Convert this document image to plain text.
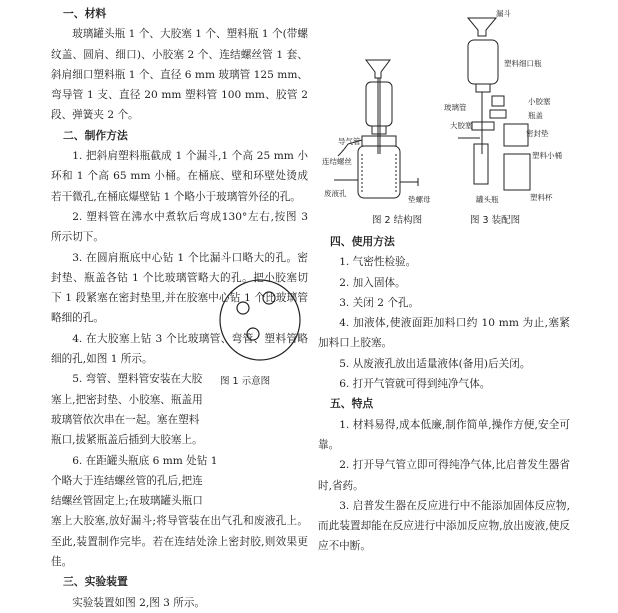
一、材料

玻璃罐头瓶 1 个、大胶塞 1 个、塑料瓶 1 个(带螺纹盖、圆肩、细口)、小胶塞 2 个、连结螺丝管 1 套、斜肩细口塑料瓶 1 个、直径 6 mm 玻璃管 125 mm、弯导管 1 支、直径 20 mm 塑料管 100 mm、胶管 2 段、弹簧夹 2 个。

二、制作方法

1. 把斜肩塑料瓶截成 1 个漏斗,1 个高 25 mm 小环和 1 个高 65 mm 小桶。在桶底、壁和环壁处烫成若干微孔,在桶底爆壁钻 1 个略小于玻璃管外径的孔。

2. 塑料管在沸水中煮软后弯成130°左右,按图 3 所示切下。

3. 在圆肩瓶底中心钻 1 个比漏斗口略大的孔。密封垫、瓶盖各钻 1 个比玻璃管略大的孔。把小胶塞切下 1 段紧塞在密封垫里,并在胶塞中心钻 1 个比玻璃管略细的孔。

4. 在大胶塞上钻 3 个比玻璃管、弯管、塑料管略细的孔,如图 1 所示。

5. 弯管、塑料管安装在大胶

塞上,把密封垫、小胶塞、瓶盖用

玻璃管依次串在一起。塞在塑料

瓶口,拔紧瓶盖后插到大胶塞上。

6. 在距罐头瓶底 6 mm 处钻 1

个略大于连结螺丝管的孔后,把连

结螺丝管固定上;在玻璃罐头瓶口

塞上大胶塞,放好漏斗;将导管装在出气孔和废液孔上。至此,装置制作完毕。若在连结处涂上密封胶,则效果更佳。

三、实验装置

实验装置如图 2,图 3 所示。

图 1 示意图
废液孔
垫螺母
导气管
连结螺丝
漏斗
塑料细口瓶
玻璃管
小胶塞
瓶盖
密封垫
大胶塞
塑料小桶
罐头瓶	塑料杯
图 2 结构图	图 3 装配图
四、使用方法

1. 气密性检验。

2. 加入固体。

3. 关闭 2 个孔。

4. 加液体,使液面距加料口约 10 mm 为止,塞紧加料口上胶塞。

5. 从废液孔放出适量液体(备用)后关闭。

6. 打开气管就可得到纯净气体。

五、特点

1. 材料易得,成本低廉,制作简单,操作方便,安全可靠。

2. 打开导气管立即可得纯净气体,比启普发生器省时,省药。

3. 启普发生器在反应进行中不能添加固体反应物,而此装置却能在反应进行中添加反应物,放出废液,使反应不中断。
